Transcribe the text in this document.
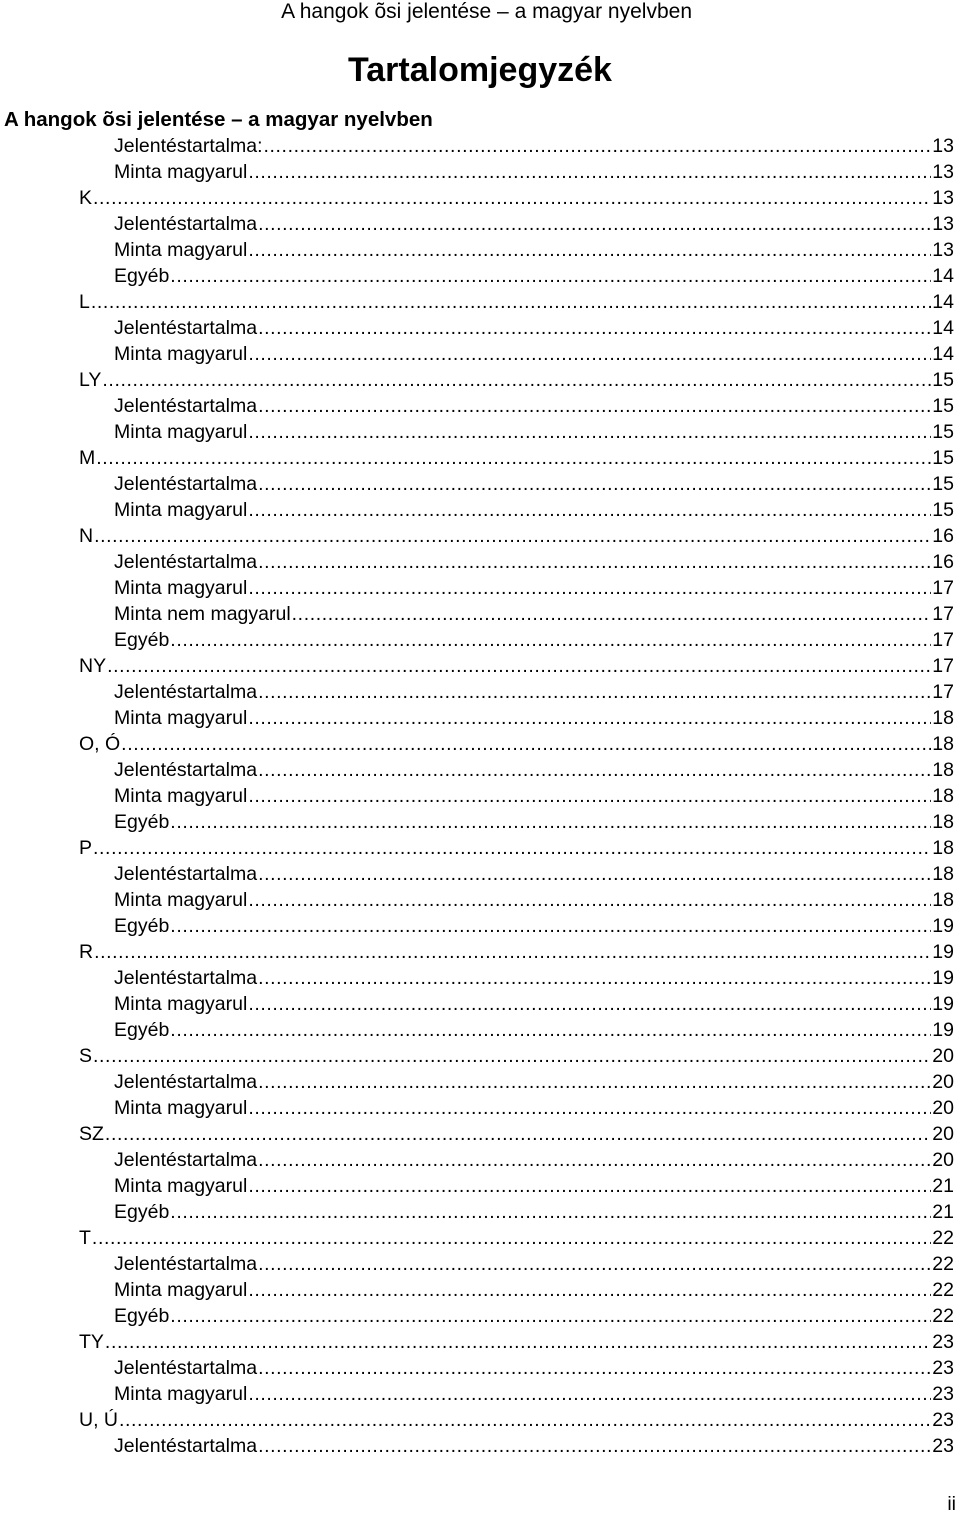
A hangok õsi jelentése – a magyar nyelvben
Tartalomjegyzék
A hangok õsi jelentése – a magyar nyelvben
Jelentéstartalma: .....	13
Minta magyarul .....	13
K .....	13
Jelentéstartalma .....	13
Minta magyarul .....	13
Egyéb .....	14
L .....	14
Jelentéstartalma .....	14
Minta magyarul .....	14
LY .....	15
Jelentéstartalma .....	15
Minta magyarul .....	15
M .....	15
Jelentéstartalma .....	15
Minta magyarul .....	15
N .....	16
Jelentéstartalma .....	16
Minta magyarul .....	17
Minta nem magyarul .....	17
Egyéb .....	17
NY .....	17
Jelentéstartalma .....	17
Minta magyarul .....	18
O, Ó .....	18
Jelentéstartalma .....	18
Minta magyarul .....	18
Egyéb .....	18
P .....	18
Jelentéstartalma .....	18
Minta magyarul .....	18
Egyéb .....	19
R .....	19
Jelentéstartalma .....	19
Minta magyarul .....	19
Egyéb .....	19
S .....	20
Jelentéstartalma .....	20
Minta magyarul .....	20
SZ .....	20
Jelentéstartalma .....	20
Minta magyarul .....	21
Egyéb .....	21
T .....	22
Jelentéstartalma .....	22
Minta magyarul .....	22
Egyéb .....	22
TY .....	23
Jelentéstartalma .....	23
Minta magyarul .....	23
U, Ú .....	23
Jelentéstartalma .....	23
ii
